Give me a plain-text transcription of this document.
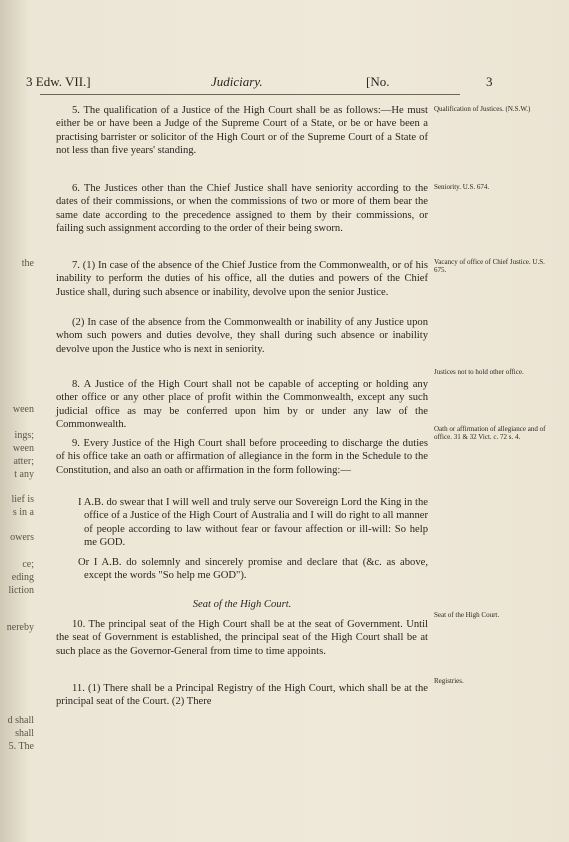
the
ween
ings;
ween
atter;
t any
lief is
s in a
owers
ce;
eding
liction
nereby
d shall
shall
5. The
3 Edw. VII.]	Judiciary.	[No.	3

5. The qualification of a Justice of the High Court shall be as follows:—He must either be or have been a Judge of the Supreme Court of a State, or be or have been a practising barrister or solicitor of the High Court or of the Supreme Court of a State of not less than five years' standing.

Qualification of Justices. (N.S.W.)

6. The Justices other than the Chief Justice shall have seniority according to the dates of their commissions, or when the commissions of two or more of them bear the same date according to the precedence assigned to them by their commissions, or failing such assignment according to the order of their being sworn.

Seniority. U.S. 674.

7. (1) In case of the absence of the Chief Justice from the Commonwealth, or of his inability to perform the duties of his office, all the duties and powers of the Chief Justice shall, during such absence or inability, devolve upon the senior Justice.

Vacancy of office of Chief Justice. U.S. 675.

(2) In case of the absence from the Commonwealth or inability of any Justice upon whom such powers and duties devolve, they shall during such absence or inability devolve upon the Justice who is next in seniority.

8. A Justice of the High Court shall not be capable of accepting or holding any other office or any other place of profit within the Commonwealth, except any such judicial office as may be conferred upon him by or under any law of the Commonwealth.

Justices not to hold other office.

9. Every Justice of the High Court shall before proceeding to discharge the duties of his office take an oath or affirmation of allegiance in the form in the Schedule to the Constitution, and also an oath or affirmation in the form following:—

Oath or affirmation of allegiance and of office. 31 & 32 Vict. c. 72 s. 4.

I A.B. do swear that I will well and truly serve our Sovereign Lord the King in the office of a Justice of the High Court of Australia and I will do right to all manner of people according to law without fear or favour affection or ill-will: So help me GOD.

Or I A.B. do solemnly and sincerely promise and declare that (&c. as above, except the words "So help me GOD").

Seat of the High Court.

10. The principal seat of the High Court shall be at the seat of Government. Until the seat of Government is established, the principal seat of the High Court shall be at such place as the Governor-General from time to time appoints.

Seat of the High Court.

11. (1) There shall be a Principal Registry of the High Court, which shall be at the principal seat of the Court. (2) There

Registries.
